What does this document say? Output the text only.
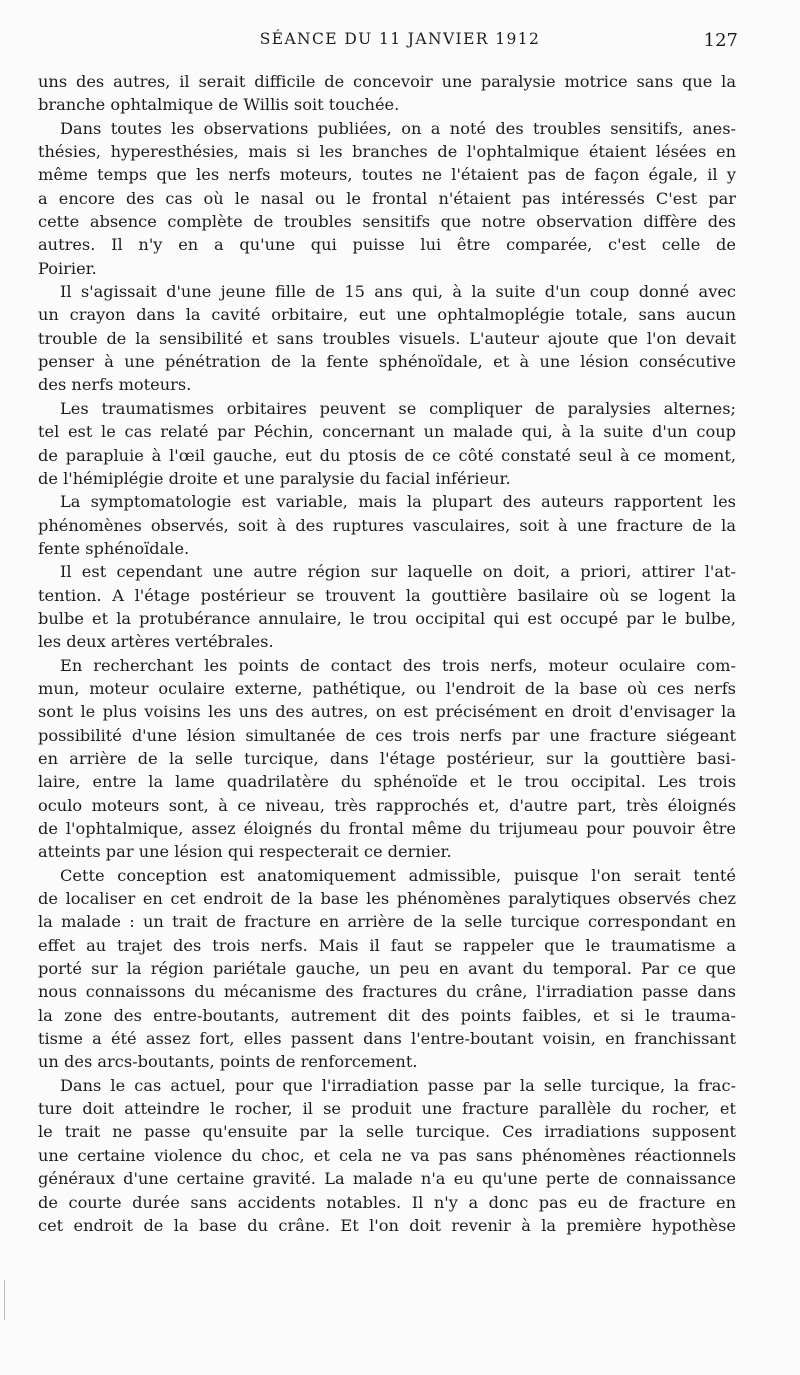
SÉANCE DU 11 JANVIER 1912	127
uns des autres, il serait difficile de concevoir une paralysie motrice sans que la
branche ophtalmique de Willis soit touchée.
Dans toutes les observations publiées, on a noté des troubles sensitifs, anes-
thésies, hyperesthésies, mais si les branches de l'ophtalmique étaient lésées en
même temps que les nerfs moteurs, toutes ne l'étaient pas de façon égale, il y
a encore des cas où le nasal ou le frontal n'étaient pas intéressés C'est par
cette absence complète de troubles sensitifs que notre observation diffère des
autres. Il n'y en a qu'une qui puisse lui être comparée, c'est celle de
Poirier.
Il s'agissait d'une jeune fille de 15 ans qui, à la suite d'un coup donné avec
un crayon dans la cavité orbitaire, eut une ophtalmoplégie totale, sans aucun
trouble de la sensibilité et sans troubles visuels. L'auteur ajoute que l'on devait
penser à une pénétration de la fente sphénoïdale, et à une lésion consécutive
des nerfs moteurs.
Les traumatismes orbitaires peuvent se compliquer de paralysies alternes;
tel est le cas relaté par Péchin, concernant un malade qui, à la suite d'un coup
de parapluie à l'œil gauche, eut du ptosis de ce côté constaté seul à ce moment,
de l'hémiplégie droite et une paralysie du facial inférieur.
La symptomatologie est variable, mais la plupart des auteurs rapportent les
phénomènes observés, soit à des ruptures vasculaires, soit à une fracture de la
fente sphénoïdale.
Il est cependant une autre région sur laquelle on doit, a priori, attirer l'at-
tention. A l'étage postérieur se trouvent la gouttière basilaire où se logent la
bulbe et la protubérance annulaire, le trou occipital qui est occupé par le bulbe,
les deux artères vertébrales.
En recherchant les points de contact des trois nerfs, moteur oculaire com-
mun, moteur oculaire externe, pathétique, ou l'endroit de la base où ces nerfs
sont le plus voisins les uns des autres, on est précisément en droit d'envisager la
possibilité d'une lésion simultanée de ces trois nerfs par une fracture siégeant
en arrière de la selle turcique, dans l'étage postérieur, sur la gouttière basi-
laire, entre la lame quadrilatère du sphénoïde et le trou occipital. Les trois
oculo moteurs sont, à ce niveau, très rapprochés et, d'autre part, très éloignés
de l'ophtalmique, assez éloignés du frontal même du trijumeau pour pouvoir être
atteints par une lésion qui respecterait ce dernier.
Cette conception est anatomiquement admissible, puisque l'on serait tenté
de localiser en cet endroit de la base les phénomènes paralytiques observés chez
la malade : un trait de fracture en arrière de la selle turcique correspondant en
effet au trajet des trois nerfs. Mais il faut se rappeler que le traumatisme a
porté sur la région pariétale gauche, un peu en avant du temporal. Par ce que
nous connaissons du mécanisme des fractures du crâne, l'irradiation passe dans
la zone des entre-boutants, autrement dit des points faibles, et si le trauma-
tisme a été assez fort, elles passent dans l'entre-boutant voisin, en franchissant
un des arcs-boutants, points de renforcement.
Dans le cas actuel, pour que l'irradiation passe par la selle turcique, la frac-
ture doit atteindre le rocher, il se produit une fracture parallèle du rocher, et
le trait ne passe qu'ensuite par la selle turcique. Ces irradiations supposent
une certaine violence du choc, et cela ne va pas sans phénomènes réactionnels
généraux d'une certaine gravité. La malade n'a eu qu'une perte de connaissance
de courte durée sans accidents notables. Il n'y a donc pas eu de fracture en
cet endroit de la base du crâne. Et l'on doit revenir à la première hypothèse
